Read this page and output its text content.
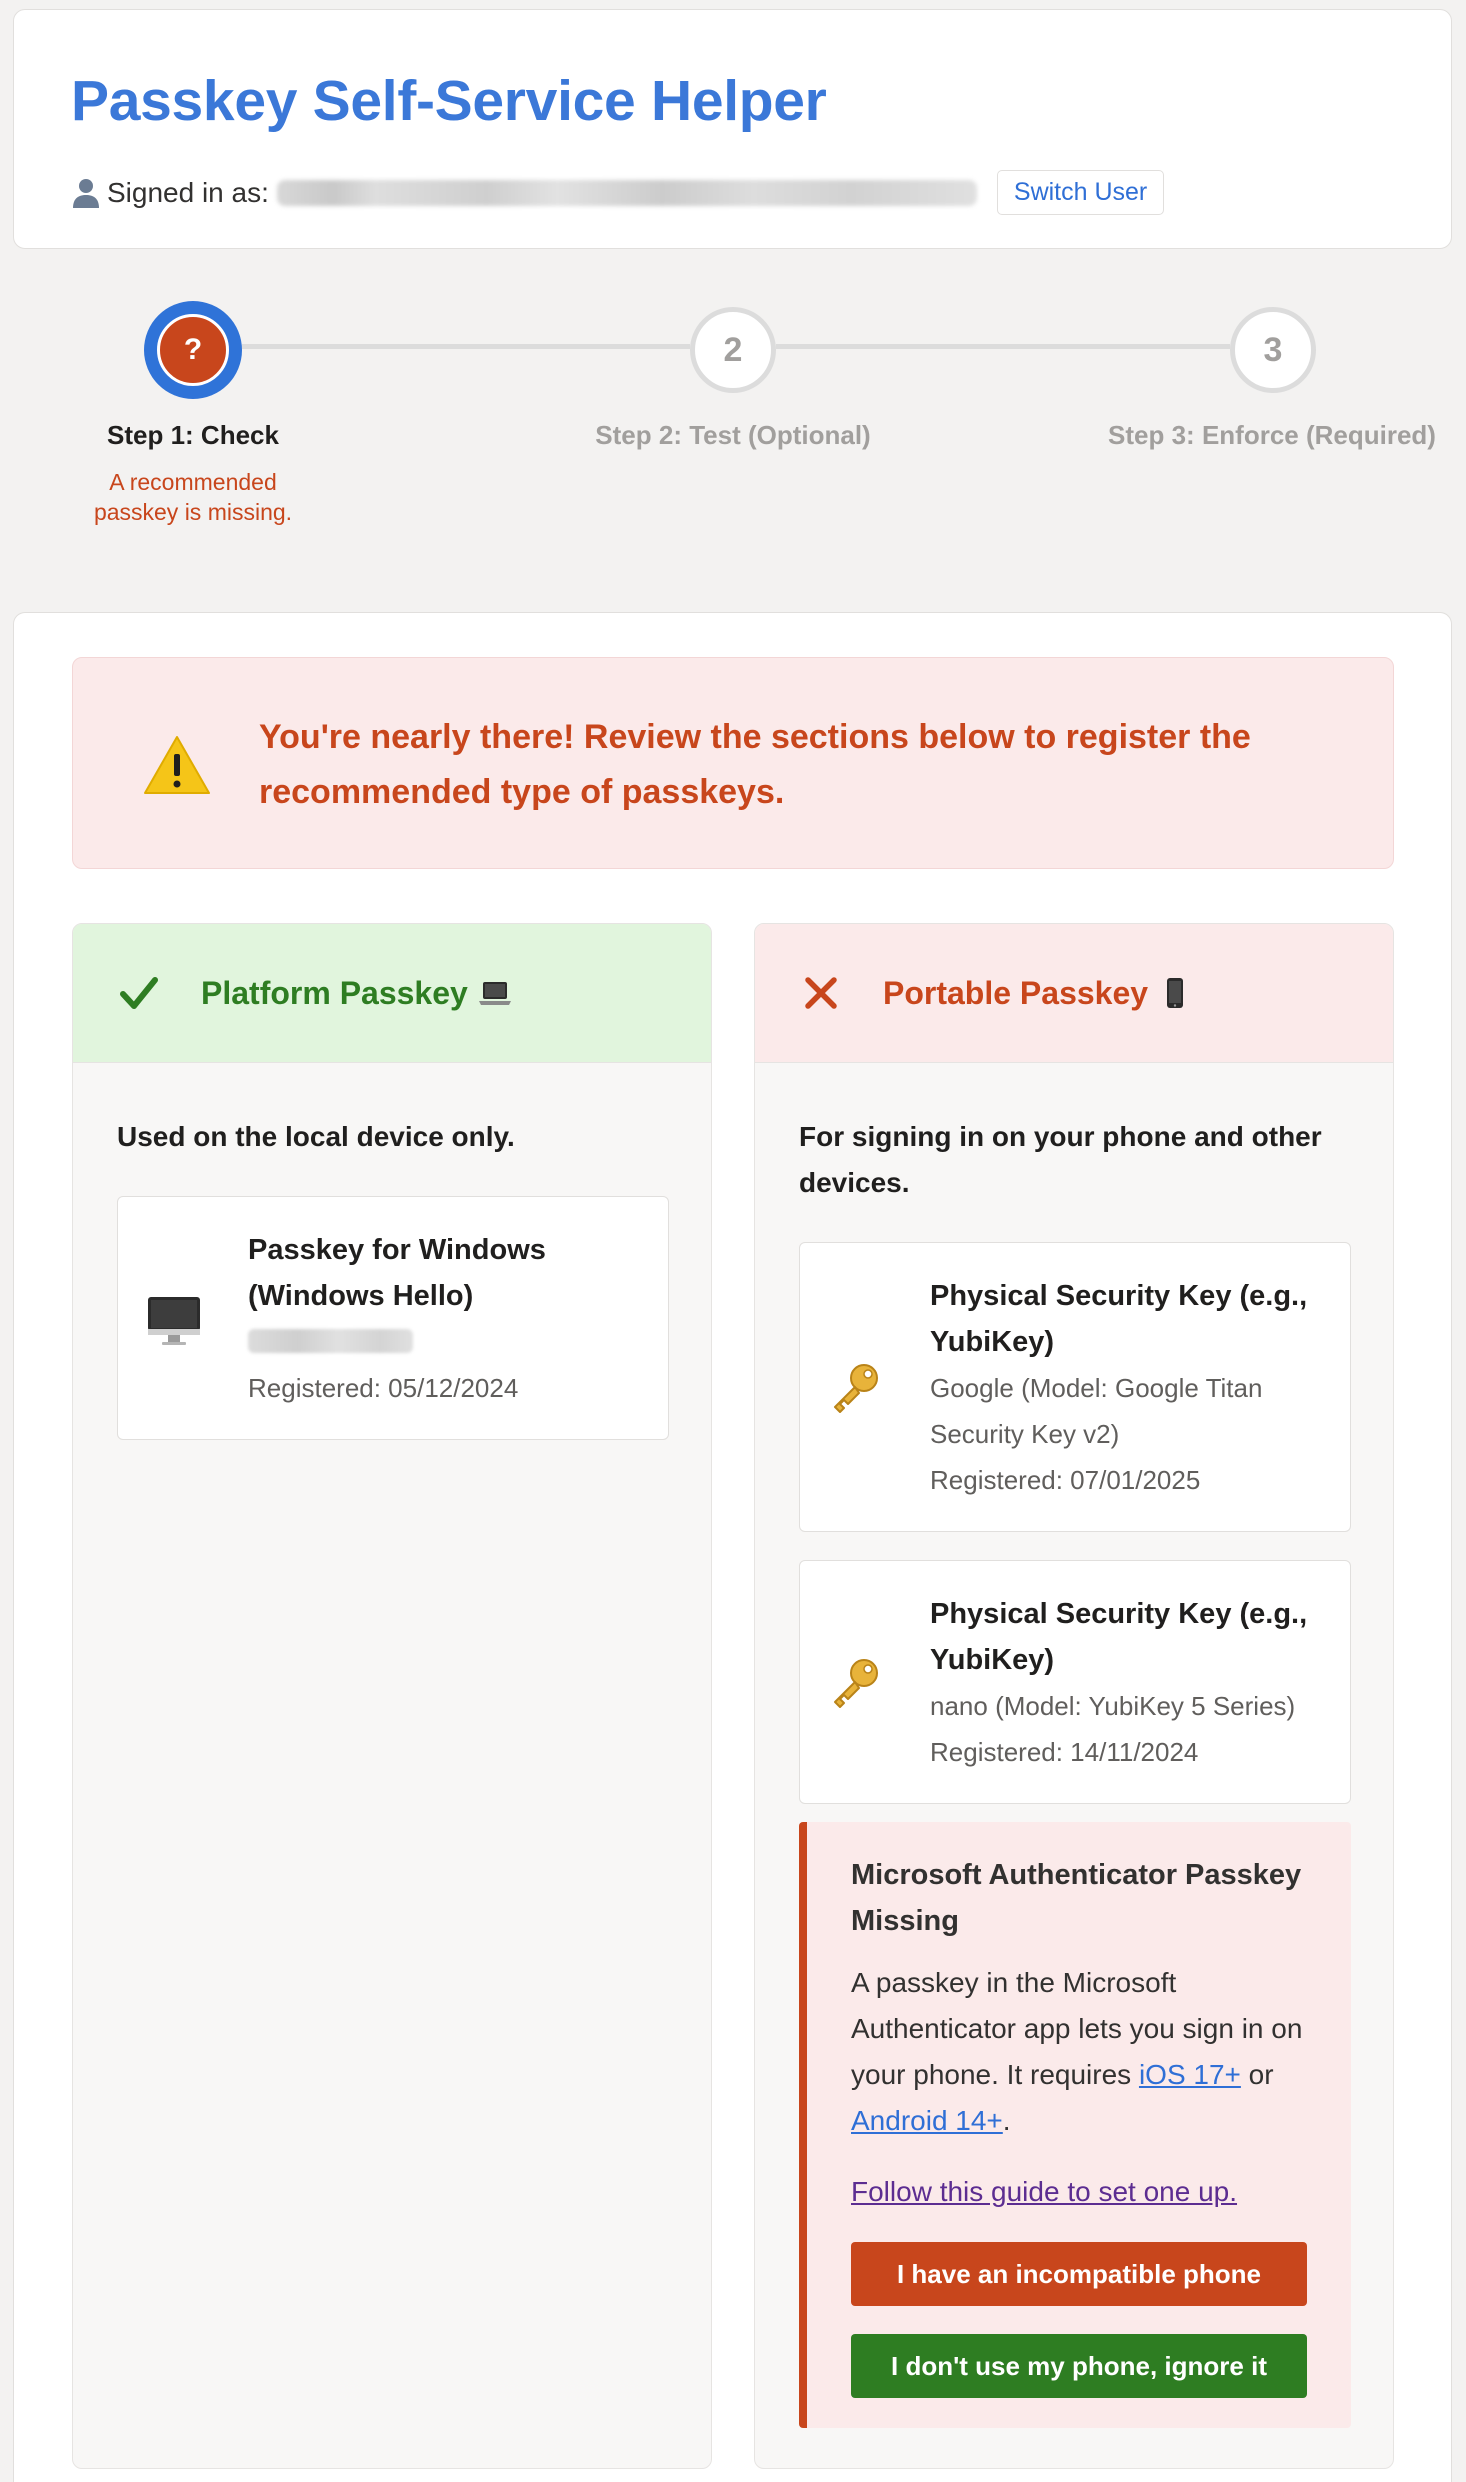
Passkey Self-Service Helper
Signed in as:	Switch User
?	2	3
Step 1: Check	Step 2: Test (Optional)	Step 3: Enforce (Required)
A recommended passkey is missing.
You're nearly there! Review the sections below to register the recommended type of passkeys.
Platform Passkey
Used on the local device only.
Passkey for Windows (Windows Hello)
Registered: 05/12/2024
Portable Passkey
For signing in on your phone and other devices.
Physical Security Key (e.g., YubiKey)
Google (Model: Google Titan Security Key v2)
Registered: 07/01/2025
Physical Security Key (e.g., YubiKey)
nano (Model: YubiKey 5 Series)
Registered: 14/11/2024
Microsoft Authenticator Passkey Missing
A passkey in the Microsoft Authenticator app lets you sign in on your phone. It requires iOS 17+ or Android 14+.
Follow this guide to set one up.
I have an incompatible phone
I don't use my phone, ignore it
